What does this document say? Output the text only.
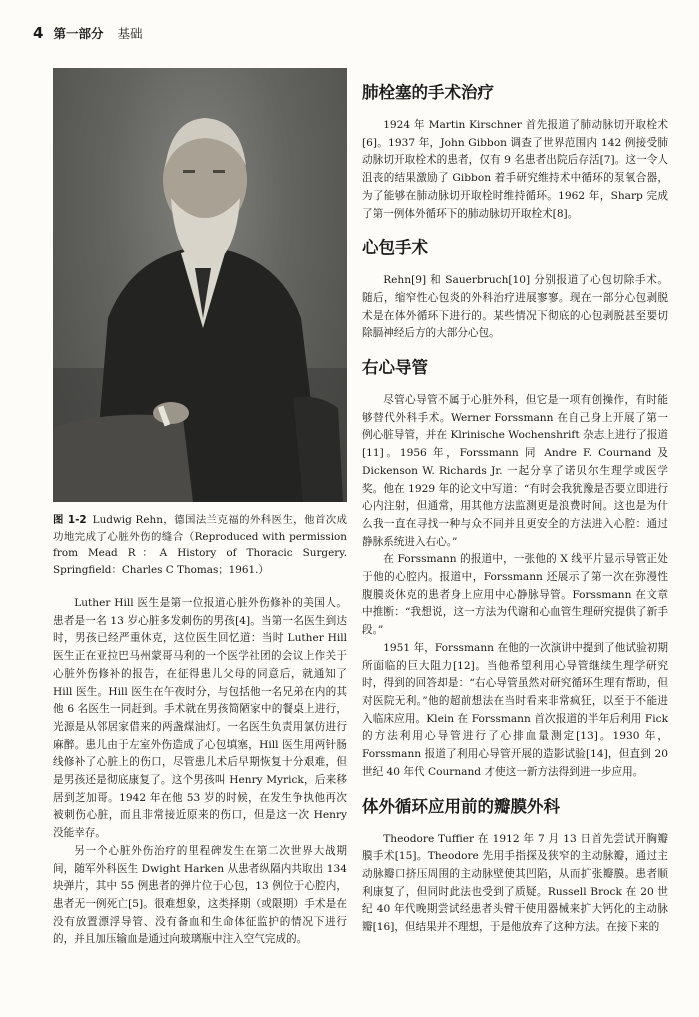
4 第一部分 基础
图 1-2 Ludwig Rehn，德国法兰克福的外科医生，他首次成功地完成了心脏外伤的缝合（Reproduced with permission from Mead R：A History of Thoracic Surgery. Springfield：Charles C Thomas；1961.）

Luther Hill 医生是第一位报道心脏外伤修补的美国人。患者是一名 13 岁心脏多发刺伤的男孩[4]。当第一名医生到达时，男孩已经严重休克，这位医生回忆道：当时 Luther Hill 医生正在亚拉巴马州蒙哥马利的一个医学社团的会议上作关于心脏外伤修补的报告，在征得患儿父母的同意后，就通知了 Hill 医生。Hill 医生在午夜时分，与包括他一名兄弟在内的其他 6 名医生一同赶到。手术就在男孩简陋家中的餐桌上进行，光源是从邻居家借来的两盏煤油灯。一名医生负责用氯仿进行麻醉。患儿由于左室外伤造成了心包填塞，Hill 医生用两针肠线修补了心脏上的伤口，尽管患儿术后早期恢复十分艰难，但是男孩还是彻底康复了。这个男孩叫 Henry Myrick，后来移居到芝加哥。1942 年在他 53 岁的时候，在发生争执他再次被刺伤心脏，而且非常接近原来的伤口，但是这一次 Henry 没能幸存。

另一个心脏外伤治疗的里程碑发生在第二次世界大战期间，随军外科医生 Dwight Harken 从患者纵隔内共取出 134 块弹片，其中 55 例患者的弹片位于心包，13 例位于心腔内，患者无一例死亡[5]。很难想象，这类择期（或限期）手术是在没有放置漂浮导管、没有备血和生命体征监护的情况下进行的，并且加压输血是通过向玻璃瓶中注入空气完成的。

肺栓塞的手术治疗

1924 年 Martin Kirschner 首先报道了肺动脉切开取栓术[6]。1937 年，John Gibbon 调查了世界范围内 142 例接受肺动脉切开取栓术的患者，仅有 9 名患者出院后存活[7]。这一令人沮丧的结果激励了 Gibbon 着手研究维持术中循环的泵氧合器，为了能够在肺动脉切开取栓时维持循环。1962 年，Sharp 完成了第一例体外循环下的肺动脉切开取栓术[8]。

心包手术

Rehn[9] 和 Sauerbruch[10] 分别报道了心包切除手术。随后，缩窄性心包炎的外科治疗进展寥寥。现在一部分心包剥脱术是在体外循环下进行的。某些情况下彻底的心包剥脱甚至要切除膈神经后方的大部分心包。

右心导管

尽管心导管不属于心脏外科，但它是一项有创操作，有时能够替代外科手术。Werner Forssmann 在自己身上开展了第一例心脏导管，并在 Klrinische Wochenshrift 杂志上进行了报道[11]。1956 年，Forssmann 同 Andre F. Cournand 及 Dickenson W. Richards Jr. 一起分享了诺贝尔生理学或医学奖。他在 1929 年的论文中写道：“有时会我犹豫是否要立即进行心内注射，但通常，用其他方法监测更是浪费时间。这也是为什么我一直在寻找一种与众不同并且更安全的方法进入心腔：通过静脉系统进入右心。”

在 Forssmann 的报道中，一张他的 X 线平片显示导管正处于他的心腔内。报道中，Forssmann 还展示了第一次在弥漫性腹膜炎休克的患者身上应用中心静脉导管。Forssmann 在文章中推断：“我想说，这一方法为代谢和心血管生理研究提供了新手段。”

1951 年，Forssmann 在他的一次演讲中提到了他试验初期所面临的巨大阻力[12]。当他希望利用心导管继续生理学研究时，得到的回答却是：“右心导管虽然对研究循环生理有帮助，但对医院无利。”他的超前想法在当时看来非常疯狂，以至于不能进入临床应用。Klein 在 Forssmann 首次报道的半年后利用 Fick 的方法利用心导管进行了心排血量测定[13]。1930 年，Forssmann 报道了利用心导管开展的造影试验[14]，但直到 20 世纪 40 年代 Cournand 才使这一新方法得到进一步应用。

体外循环应用前的瓣膜外科

Theodore Tuffier 在 1912 年 7 月 13 日首先尝试开胸瓣膜手术[15]。Theodore 先用手指探及狭窄的主动脉瓣，通过主动脉瓣口挤压周围的主动脉壁使其凹陷，从而扩张瓣膜。患者顺利康复了，但同时此法也受到了质疑。Russell Brock 在 20 世纪 40 年代晚期尝试经患者头臂干使用器械来扩大钙化的主动脉瓣[16]，但结果并不理想，于是他放弃了这种方法。在接下来的
